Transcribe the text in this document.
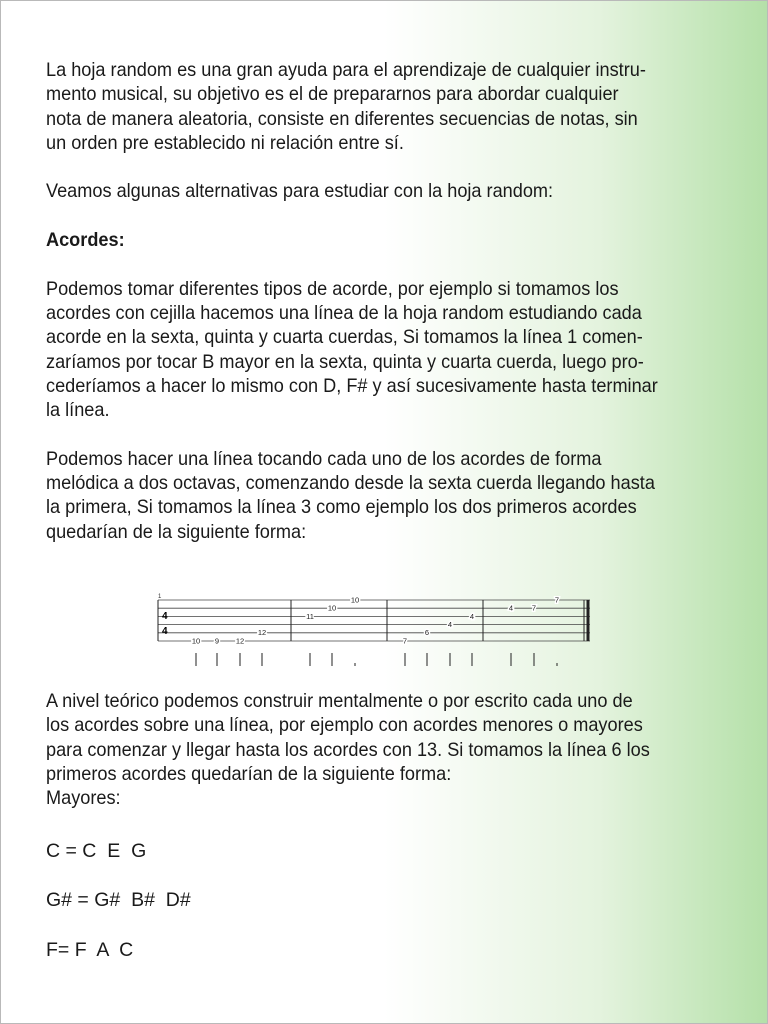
La hoja random es una gran ayuda para el aprendizaje de cualquier instru-
mento musical, su objetivo es el de prepararnos para abordar cualquier
nota de manera aleatoria, consiste en diferentes secuencias de notas, sin
un orden pre establecido ni relación entre sí.

Veamos algunas alternativas para estudiar con la hoja random:

Acordes:

Podemos tomar diferentes tipos de acorde, por ejemplo si tomamos los
acordes con cejilla hacemos una línea de la hoja random estudiando cada
acorde en la sexta, quinta y cuarta cuerdas, Si tomamos la línea 1 comen-
zaríamos por tocar B mayor en la sexta, quinta y cuarta cuerda, luego pro-
cederíamos a hacer lo mismo con D, F# y así sucesivamente hasta terminar
la línea.

Podemos hacer una línea tocando cada uno de los acordes de forma
melódica a dos octavas, comenzando desde la sexta cuerda llegando hasta
la primera, Si tomamos la línea 3 como ejemplo los dos primeros acordes
quedarían de la siguiente forma:

1
4
4
10 9 12
12
11
10
10
7
6
4
4
4	7
7

A nivel teórico podemos construir mentalmente o por escrito cada uno de
los acordes sobre una línea, por ejemplo con acordes menores o mayores
para comenzar y llegar hasta los acordes con 13. Si tomamos la línea 6 los
primeros acordes quedarían de la siguiente forma:

Mayores:

C = C  E  G
G# = G#  B#  D#
F= F  A  C
